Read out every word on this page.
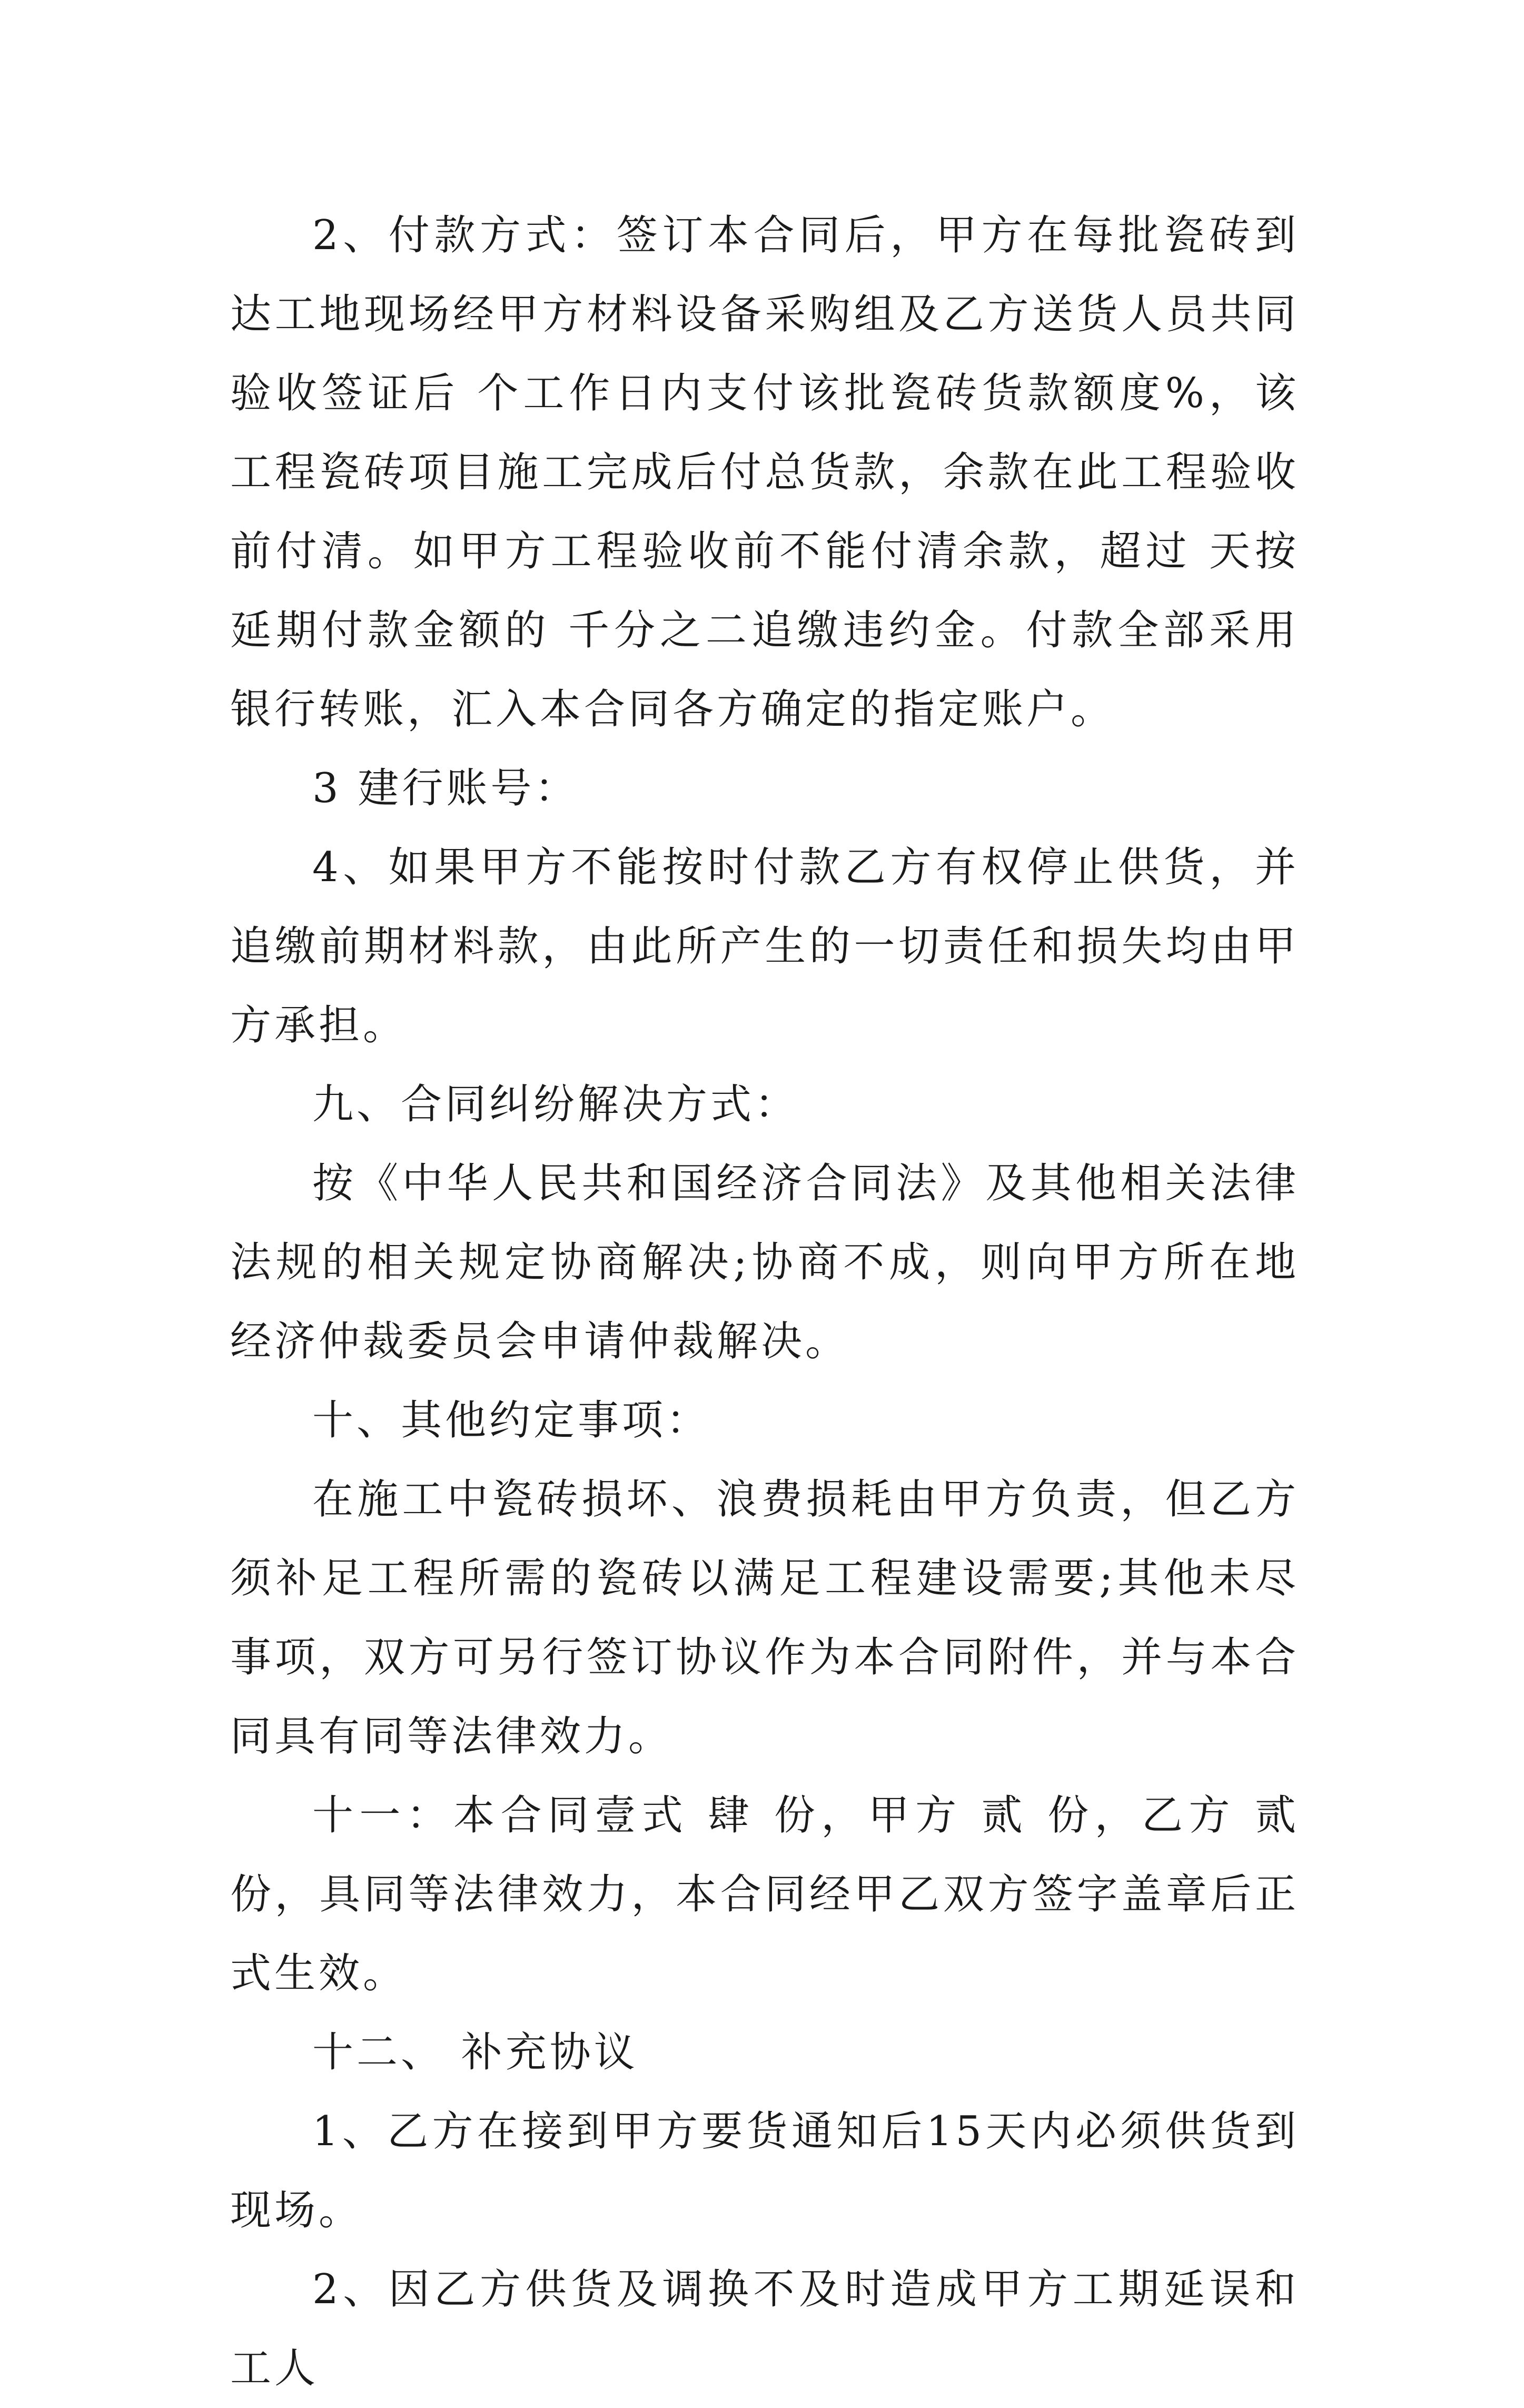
2、付款方式：签订本合同后，甲方在每批瓷砖到达工地现场经甲方材料设备采购组及乙方送货人员共同验收签证后 个工作日内支付该批瓷砖货款额度%，该工程瓷砖项目施工完成后付总货款，余款在此工程验收前付清。如甲方工程验收前不能付清余款，超过 天按延期付款金额的 千分之二追缴违约金。付款全部采用银行转账，汇入本合同各方确定的指定账户。

3 建行账号：

4、如果甲方不能按时付款乙方有权停止供货，并追缴前期材料款，由此所产生的一切责任和损失均由甲方承担。

九、合同纠纷解决方式：

按《中华人民共和国经济合同法》及其他相关法律法规的相关规定协商解决;协商不成，则向甲方所在地经济仲裁委员会申请仲裁解决。

十、其他约定事项：

在施工中瓷砖损坏、浪费损耗由甲方负责，但乙方须补足工程所需的瓷砖以满足工程建设需要;其他未尽事项，双方可另行签订协议作为本合同附件，并与本合同具有同等法律效力。

十一：本合同壹式 肆 份，甲方 贰 份，乙方 贰 份，具同等法律效力，本合同经甲乙双方签字盖章后正式生效。

十二、 补充协议

1、乙方在接到甲方要货通知后15天内必须供货到现场。

2、因乙方供货及调换不及时造成甲方工期延误和工人
